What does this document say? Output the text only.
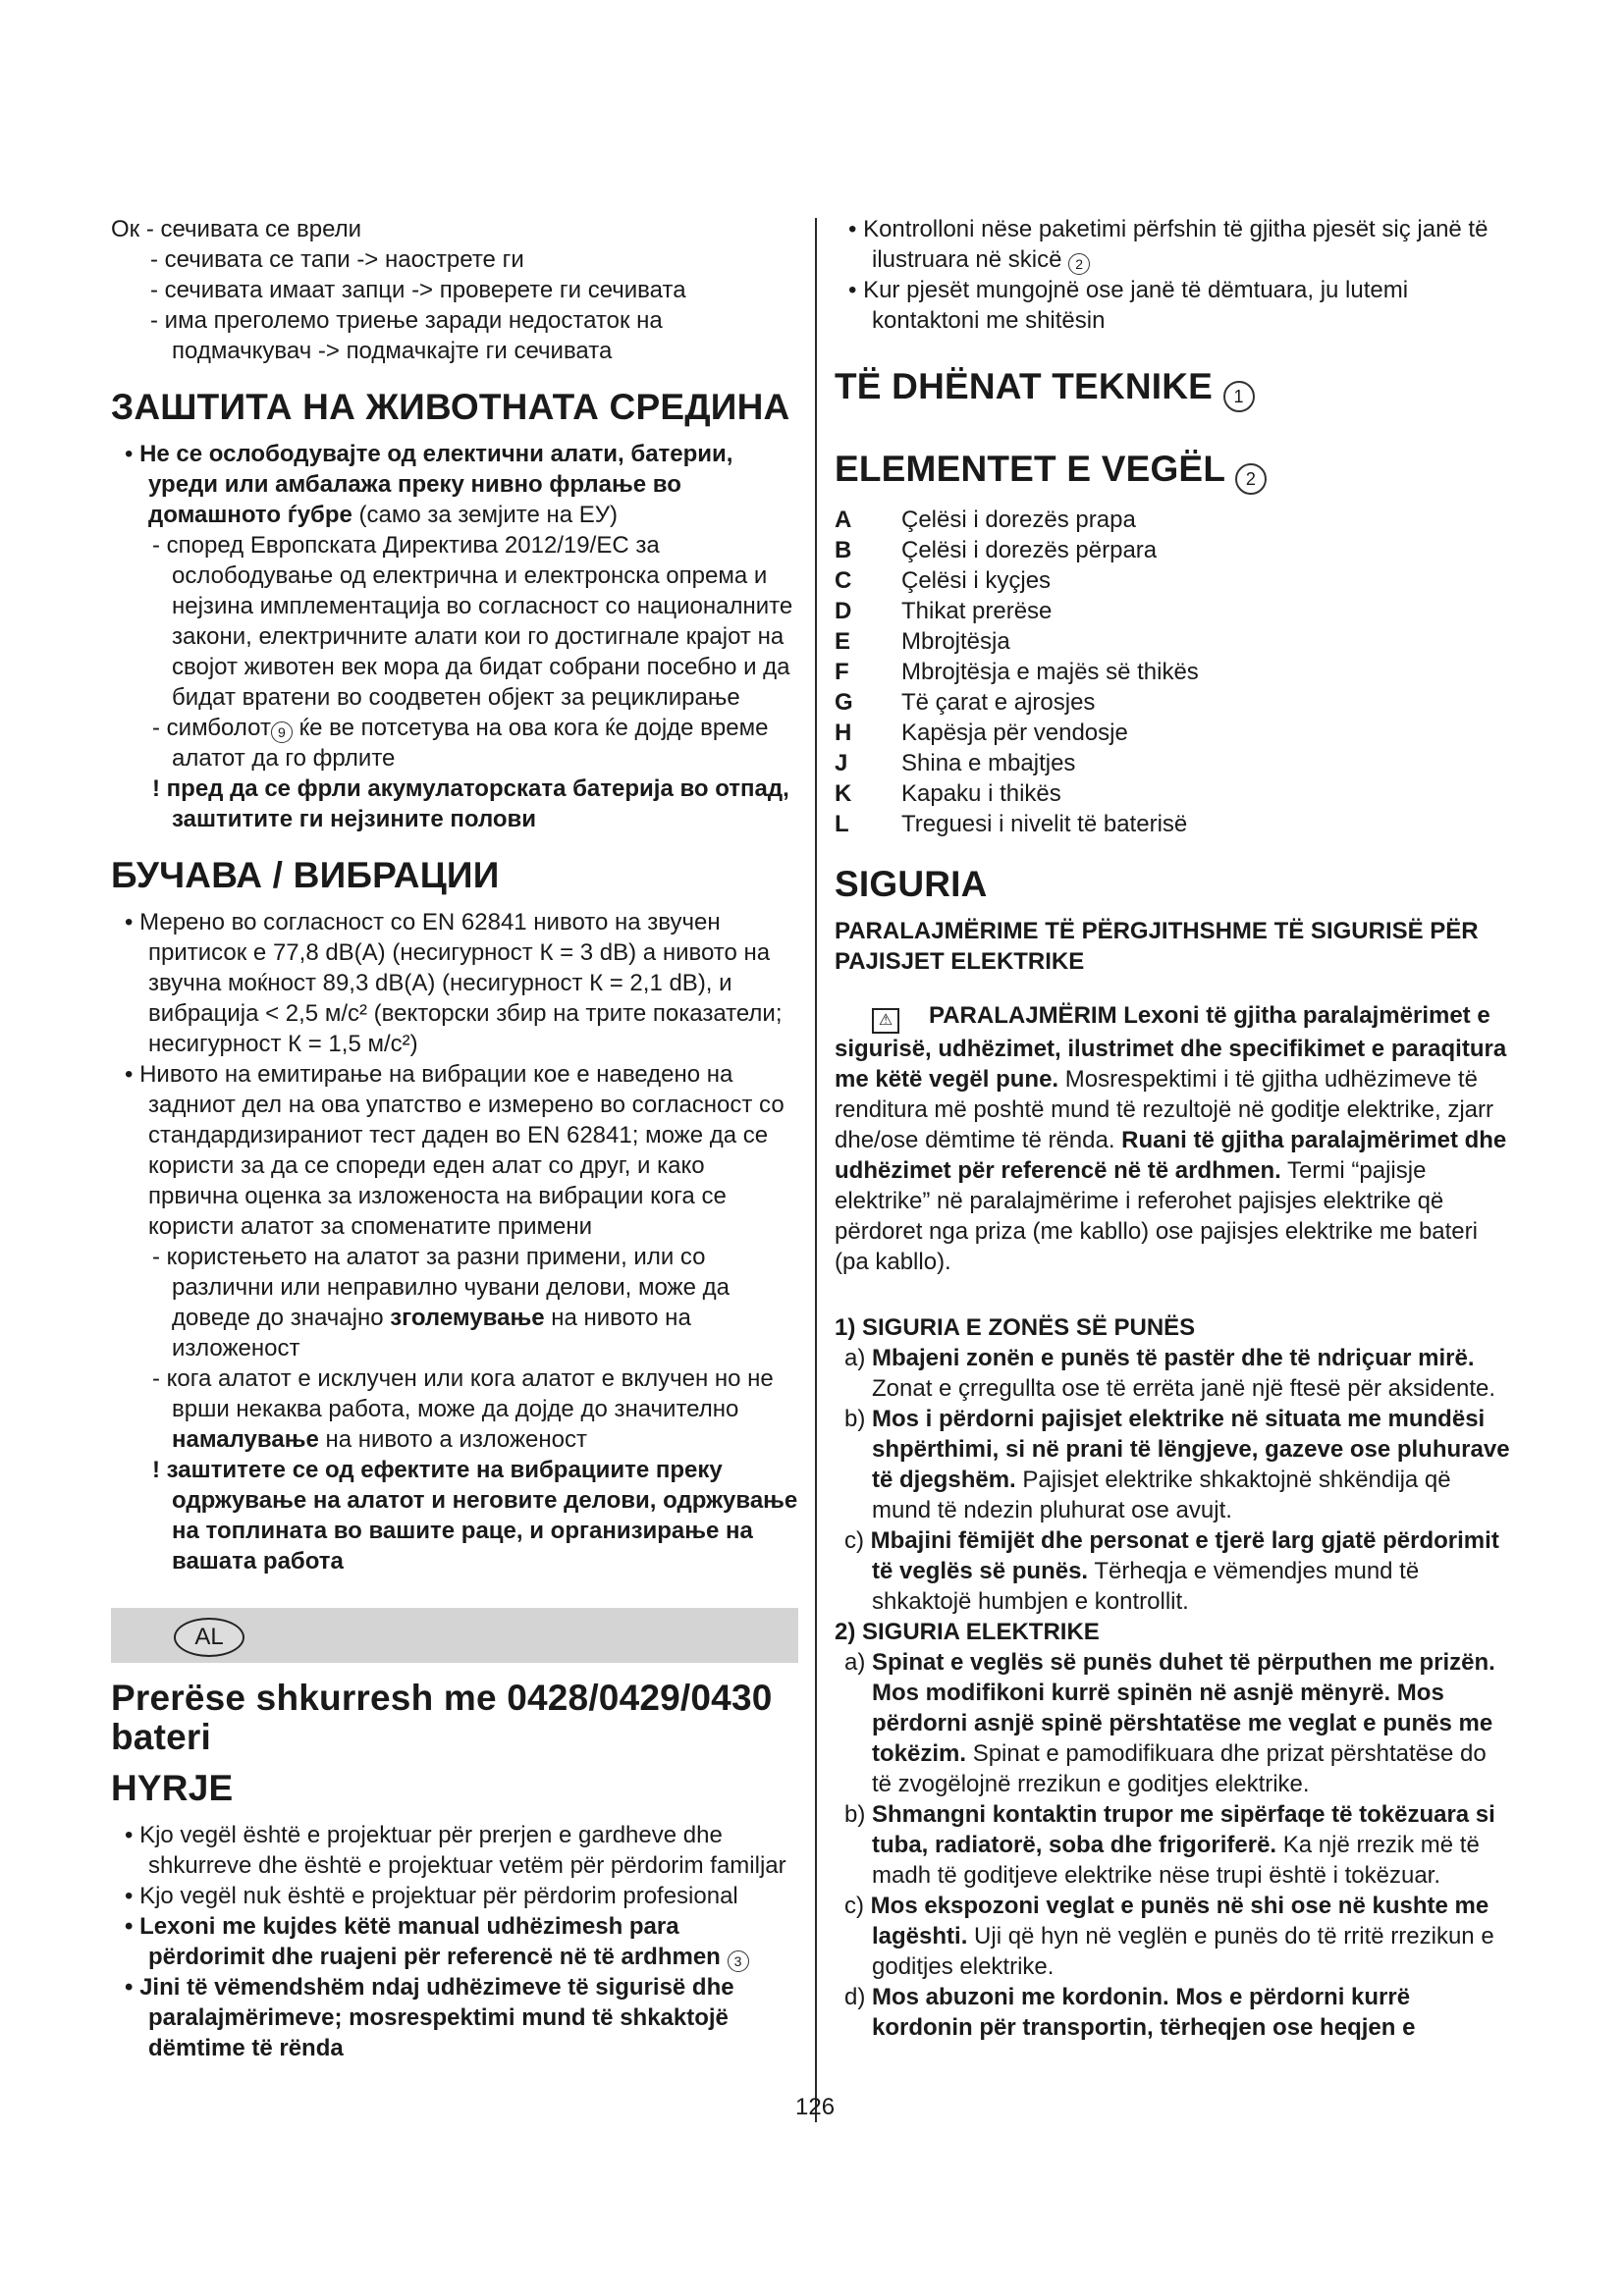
Ок - сечивата се врели

- сечивата се тапи -> наострете ги

- сечивата имаат запци -> проверете ги сечивата

- има преголемо триење заради недостаток на подмачкувач -> подмачкајте ги сечивата

ЗАШТИТА НА ЖИВОТНАТА СРЕДИНА

• Не се ослободувајте од електични алати, батерии, уреди или амбалажа преку нивно фрлање во домашното ѓубре (само за земјите на ЕУ)

- според Европската Директива 2012/19/ЕС за ослободување од електрична и електронска опрема и нејзина имплементација во согласност со националните закони, електричните алати кои го достигнале крајот на својот животен век мора да бидат собрани посебно и да бидат вратени во соодветен објект за рециклирање

- симболот 9 ќе ве потсетува на ова кога ќе дојде време алатот да го фрлите

! пред да се фрли акумулаторската батерија во отпад, заштитите ги нејзините полови

БУЧАВА / ВИБРАЦИИ

• Мерено во согласност со EN 62841 нивото на звучен притисок е 77,8 dB(A) (несигурност К = 3 dB) а нивото на звучна моќност 89,3 dB(A) (несигурност К = 2,1 dB), и вибрација < 2,5 м/с² (векторски збир на трите показатели; несигурност К = 1,5 м/с²)

• Нивото на емитирање на вибрации кое е наведено на задниот дел на ова упатство е измерено во согласност со стандардизираниот тест даден во EN 62841; може да се користи за да се спореди еден алат со друг, и како првична оценка за изложеноста на вибрации кога се користи алатот за споменатите примени

- користењето на алатот за разни примени, или со различни или неправилно чувани делови, може да доведе до значајно зголемување на нивото на изложеност

- кога алатот е исклучен или кога алатот е вклучен но не врши некаква работа, може да дојде до значително намалување на нивото а изложеност

! заштитете се од ефектите на вибрациите преку одржување на алатот и неговите делови, одржување на топлината во вашите раце, и организирање на вашата работа

AL

Prerëse shkurresh me 0428/0429/0430 bateri

HYRJE

• Kjo vegël është e projektuar për prerjen e gardheve dhe shkurreve dhe është e projektuar vetëm për përdorim familjar

• Kjo vegël nuk është e projektuar për përdorim profesional

• Lexoni me kujdes këtë manual udhëzimesh para përdorimit dhe ruajeni për referencë në të ardhmen 3

• Jini të vëmendshëm ndaj udhëzimeve të sigurisë dhe paralajmërimeve; mosrespektimi mund të shkaktojë dëmtime të rënda

• Kontrolloni nëse paketimi përfshin të gjitha pjesët siç janë të ilustruara në skicë 2

• Kur pjesët mungojnë ose janë të dëmtuara, ju lutemi kontaktoni me shitësin

TË DHËNAT TEKNIKE 1

ELEMENTET E VEGËL 2

A	Çelësi i dorezës prapa
B	Çelësi i dorezës përpara
C	Çelësi i kyçjes
D	Thikat prerëse
E	Mbrojtësja
F	Mbrojtësja e majës së thikës
G	Të çarat e ajrosjes
H	Kapësja për vendosje
J	Shina e mbajtjes
K	Kapaku i thikës
L	Treguesi i nivelit të baterisë

SIGURIA

PARALAJMËRIME TË PËRGJITHSHME TË SIGURISË PËR PAJISJET ELEKTRIKE

⚠ PARALAJMËRIM Lexoni të gjitha paralajmërimet e sigurisë, udhëzimet, ilustrimet dhe specifikimet e paraqitura me këtë vegël pune. Mosrespektimi i të gjitha udhëzimeve të renditura më poshtë mund të rezultojë në goditje elektrike, zjarr dhe/ose dëmtime të rënda. Ruani të gjitha paralajmërimet dhe udhëzimet për referencë në të ardhmen. Termi “pajisje elektrike” në paralajmërime i referohet pajisjes elektrike që përdoret nga priza (me kabllo) ose pajisjes elektrike me bateri (pa kabllo).

1) SIGURIA E ZONËS SË PUNËS

a) Mbajeni zonën e punës të pastër dhe të ndriçuar mirë. Zonat e çrregullta ose të errëta janë një ftesë për aksidente.

b) Mos i përdorni pajisjet elektrike në situata me mundësi shpërthimi, si në prani të lëngjeve, gazeve ose pluhurave të djegshëm. Pajisjet elektrike shkaktojnë shkëndija që mund të ndezin pluhurat ose avujt.

c) Mbajini fëmijët dhe personat e tjerë larg gjatë përdorimit të veglës së punës. Tërheqja e vëmendjes mund të shkaktojë humbjen e kontrollit.

2) SIGURIA ELEKTRIKE

a) Spinat e veglës së punës duhet të përputhen me prizën. Mos modifikoni kurrë spinën në asnjë mënyrë. Mos përdorni asnjë spinë përshtatëse me veglat e punës me tokëzim. Spinat e pamodifikuara dhe prizat përshtatëse do të zvogëlojnë rrezikun e goditjes elektrike.

b) Shmangni kontaktin trupor me sipërfaqe të tokëzuara si tuba, radiatorë, soba dhe frigoriferë. Ka një rrezik më të madh të goditjeve elektrike nëse trupi është i tokëzuar.

c) Mos ekspozoni veglat e punës në shi ose në kushte me lagështi. Uji që hyn në veglën e punës do të rritë rrezikun e goditjes elektrike.

d) Mos abuzoni me kordonin. Mos e përdorni kurrë kordonin për transportin, tërheqjen ose heqjen e

126
